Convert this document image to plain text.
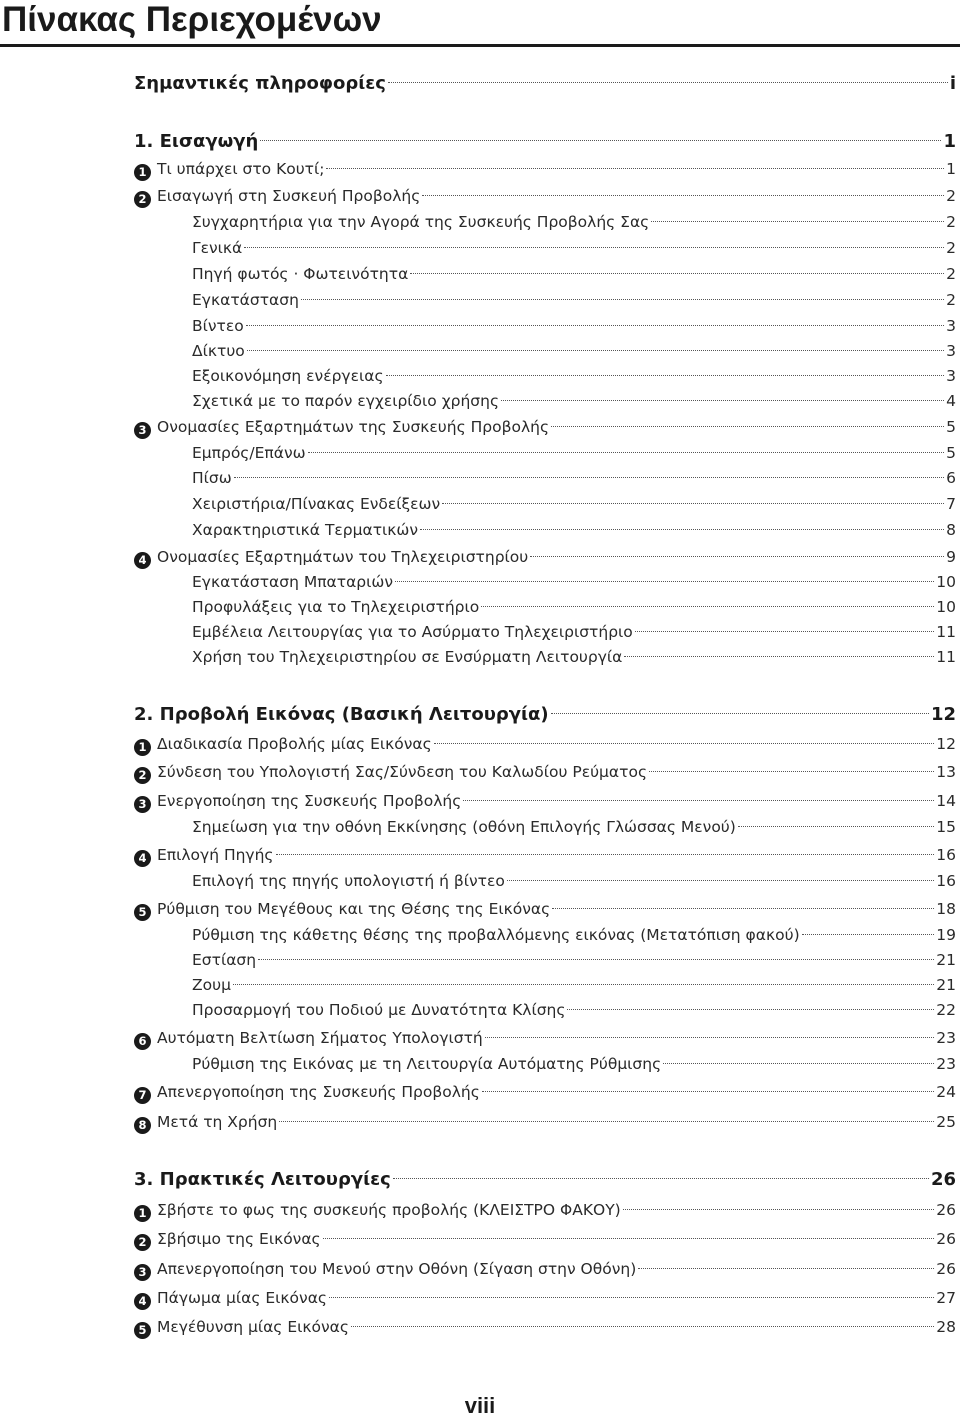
Πίνακας Περιεχομένων
Σημαντικές πληροφορίες	i
1. Εισαγωγή	1
1 Τι υπάρχει στο Κουτί;	1
2 Εισαγωγή στη Συσκευή Προβολής	2
Συγχαρητήρια για την Αγορά της Συσκευής Προβολής Σας	2
Γενικά	2
Πηγή φωτός · Φωτεινότητα	2
Εγκατάσταση	2
Βίντεο	3
Δίκτυο	3
Εξοικονόμηση ενέργειας	3
Σχετικά με το παρόν εγχειρίδιο χρήσης	4
3 Ονομασίες Εξαρτημάτων της Συσκευής Προβολής	5
Εμπρός/Επάνω	5
Πίσω	6
Χειριστήρια/Πίνακας Ενδείξεων	7
Χαρακτηριστικά Τερματικών	8
4 Ονομασίες Εξαρτημάτων του Τηλεχειριστηρίου	9
Εγκατάσταση Μπαταριών	10
Προφυλάξεις για το Τηλεχειριστήριο	10
Εμβέλεια Λειτουργίας για το Ασύρματο Τηλεχειριστήριο	11
Χρήση του Τηλεχειριστηρίου σε Ενσύρματη Λειτουργία	11
2. Προβολή Εικόνας (Βασική Λειτουργία)	12
1 Διαδικασία Προβολής μίας Εικόνας	12
2 Σύνδεση του Υπολογιστή Σας/Σύνδεση του Καλωδίου Ρεύματος	13
3 Ενεργοποίηση της Συσκευής Προβολής	14
Σημείωση για την οθόνη Εκκίνησης (οθόνη Επιλογής Γλώσσας Μενού)	15
4 Επιλογή Πηγής	16
Επιλογή της πηγής υπολογιστή ή βίντεο	16
5 Ρύθμιση του Μεγέθους και της Θέσης της Εικόνας	18
Ρύθμιση της κάθετης θέσης της προβαλλόμενης εικόνας (Μετατόπιση φακού)	19
Εστίαση	21
Ζουμ	21
Προσαρμογή του Ποδιού με Δυνατότητα Κλίσης	22
6 Αυτόματη Βελτίωση Σήματος Υπολογιστή	23
Ρύθμιση της Εικόνας με τη Λειτουργία Αυτόματης Ρύθμισης	23
7 Απενεργοποίηση της Συσκευής Προβολής	24
8 Μετά τη Χρήση	25
3. Πρακτικές Λειτουργίες	26
1 Σβήστε το φως της συσκευής προβολής (ΚΛΕΙΣΤΡΟ ΦΑΚΟΥ)	26
2 Σβήσιμο της Εικόνας	26
3 Απενεργοποίηση του Μενού στην Οθόνη (Σίγαση στην Οθόνη)	26
4 Πάγωμα μίας Εικόνας	27
5 Μεγέθυνση μίας Εικόνας	28
viii
